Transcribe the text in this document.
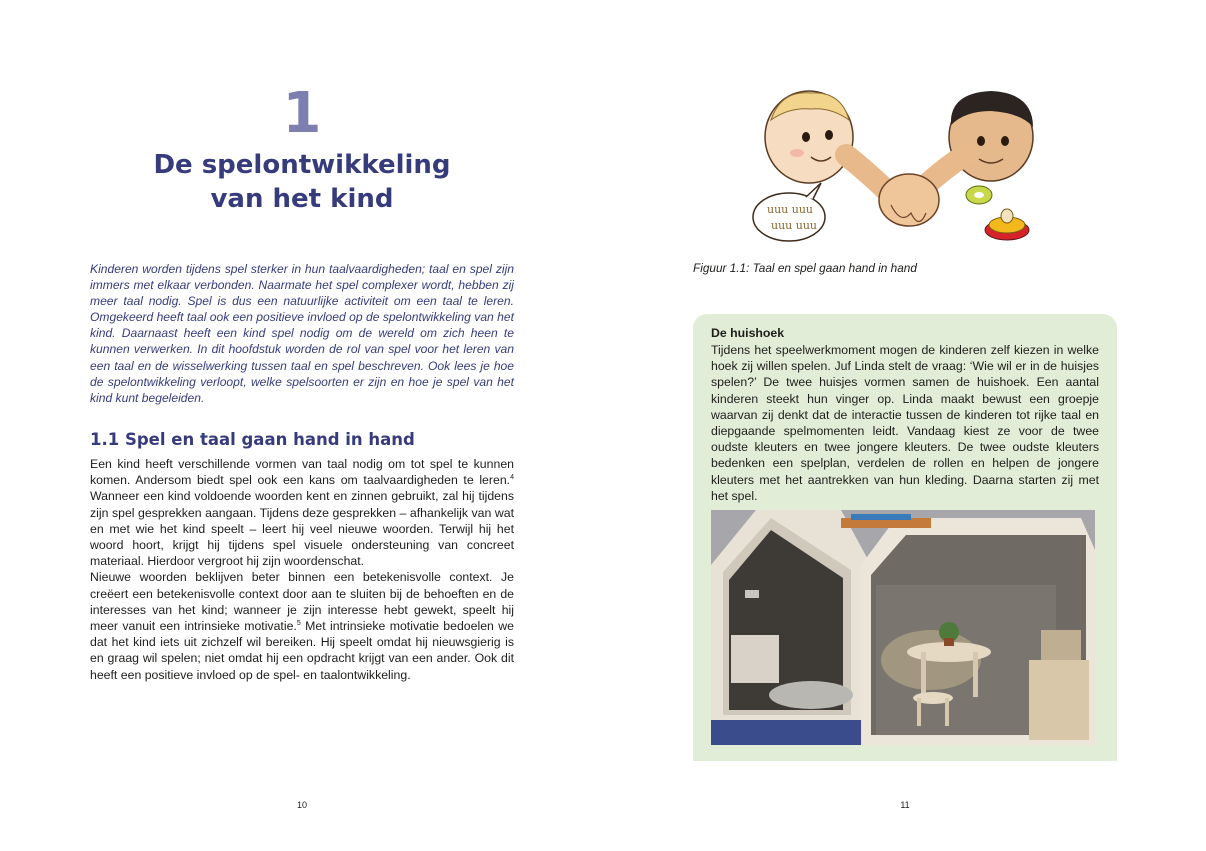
1
De spelontwikkeling
van het kind

Kinderen worden tijdens spel sterker in hun taalvaardigheden; taal en spel zijn immers met elkaar verbonden. Naarmate het spel complexer wordt, hebben zij meer taal nodig. Spel is dus een natuurlijke activiteit om een taal te leren. Omgekeerd heeft taal ook een positieve invloed op de spelontwikkeling van het kind. Daarnaast heeft een kind spel nodig om de wereld om zich heen te kunnen verwerken. In dit hoofdstuk worden de rol van spel voor het leren van een taal en de wisselwerking tussen taal en spel beschreven. Ook lees je hoe de spelontwikkeling verloopt, welke spelsoorten er zijn en hoe je spel van het kind kunt begeleiden.

1.1 Spel en taal gaan hand in hand

Een kind heeft verschillende vormen van taal nodig om tot spel te kunnen komen. Andersom biedt spel ook een kans om taalvaardigheden te leren.$^4$ Wanneer een kind voldoende woorden kent en zinnen gebruikt, zal hij tijdens zijn spel gesprekken aangaan. Tijdens deze gesprekken – afhankelijk van wat en met wie het kind speelt – leert hij veel nieuwe woorden. Terwijl hij het woord hoort, krijgt hij tijdens spel visuele ondersteuning van concreet materiaal. Hierdoor vergroot hij zijn woordenschat.

Nieuwe woorden beklijven beter binnen een betekenisvolle context. Je creëert een betekenisvolle context door aan te sluiten bij de behoeften en de interesses van het kind; wanneer je zijn interesse hebt gewekt, speelt hij meer vanuit een intrinsieke motivatie.$^5$ Met intrinsieke motivatie bedoelen we dat het kind iets uit zichzelf wil bereiken. Hij speelt omdat hij nieuwsgierig is en graag wil spelen; niet omdat hij een opdracht krijgt van een ander. Ook dit heeft een positieve invloed op de spel- en taalontwikkeling.

10
uuu uuu
uuu uuu
Figuur 1.1: Taal en spel gaan hand in hand
De huishoek

Tijdens het speelwerkmoment mogen de kinderen zelf kiezen in welke hoek zij willen spelen. Juf Linda stelt de vraag: ‘Wie wil er in de huisjes spelen?’ De twee huisjes vormen samen de huishoek. Een aantal kinderen steekt hun vinger op. Linda maakt bewust een groepje waarvan zij denkt dat de interactie tussen de kinderen tot rijke taal en diepgaande spelmomenten leidt. Vandaag kiest ze voor de twee oudste kleuters en twee jongere kleuters. De twee oudste kleuters bedenken een spelplan, verdelen de rollen en helpen de jongere kleuters met het aantrekken van hun kleding. Daarna starten zij met het spel.

11
